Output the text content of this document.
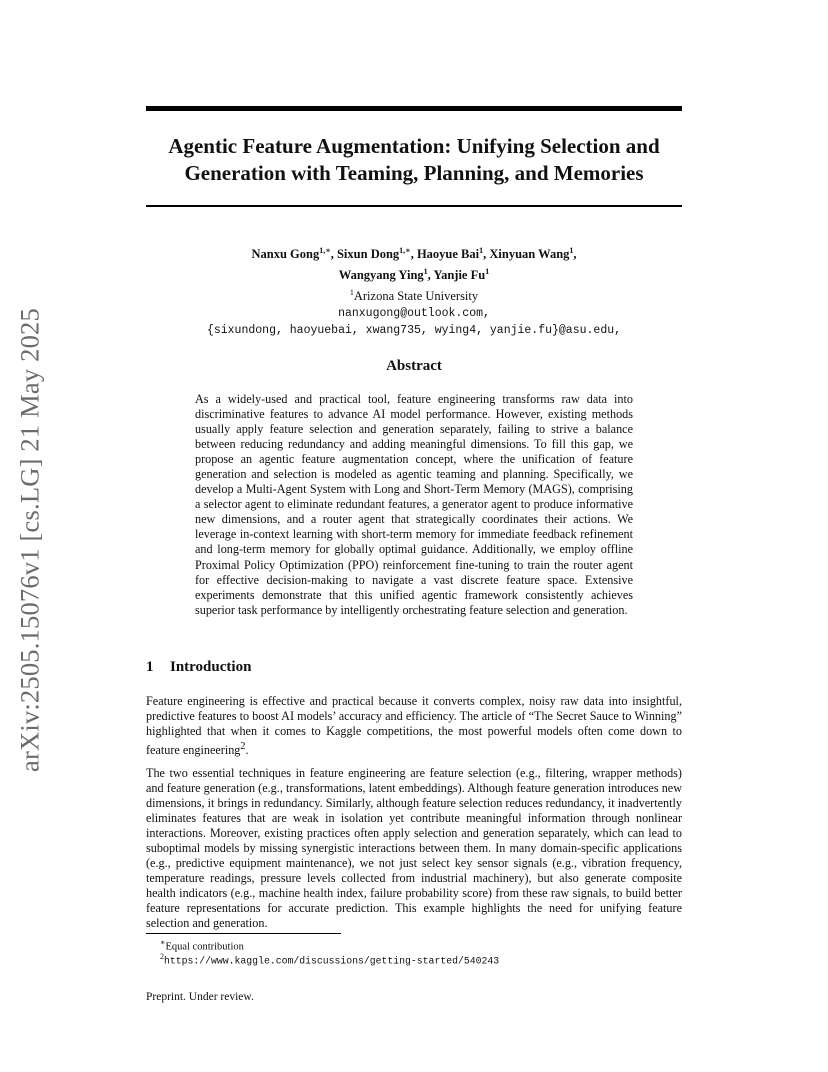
arXiv:2505.15076v1 [cs.LG] 21 May 2025
Agentic Feature Augmentation: Unifying Selection and Generation with Teaming, Planning, and Memories
Nanxu Gong$^{1,∗}$, Sixun Dong$^{1,∗}$, Haoyue Bai$^1$, Xinyuan Wang$^1$,
Wangyang Ying$^1$, Yanjie Fu$^1$
$^1$Arizona State University
nanxugong@outlook.com,
{sixundong, haoyuebai, xwang735, wying4, yanjie.fu}@asu.edu,
Abstract

As a widely-used and practical tool, feature engineering transforms raw data into discriminative features to advance AI model performance. However, existing methods usually apply feature selection and generation separately, failing to strive a balance between reducing redundancy and adding meaningful dimensions. To fill this gap, we propose an agentic feature augmentation concept, where the unification of feature generation and selection is modeled as agentic teaming and planning. Specifically, we develop a Multi-Agent System with Long and Short-Term Memory (MAGS), comprising a selector agent to eliminate redundant features, a generator agent to produce informative new dimensions, and a router agent that strategically coordinates their actions. We leverage in-context learning with short-term memory for immediate feedback refinement and long-term memory for globally optimal guidance. Additionally, we employ offline Proximal Policy Optimization (PPO) reinforcement fine-tuning to train the router agent for effective decision-making to navigate a vast discrete feature space. Extensive experiments demonstrate that this unified agentic framework consistently achieves superior task performance by intelligently orchestrating feature selection and generation.

1 Introduction

Feature engineering is effective and practical because it converts complex, noisy raw data into insightful, predictive features to boost AI models’ accuracy and efficiency. The article of “The Secret Sauce to Winning” highlighted that when it comes to Kaggle competitions, the most powerful models often come down to feature engineering$^2$.

The two essential techniques in feature engineering are feature selection (e.g., filtering, wrapper methods) and feature generation (e.g., transformations, latent embeddings). Although feature generation introduces new dimensions, it brings in redundancy. Similarly, although feature selection reduces redundancy, it inadvertently eliminates features that are weak in isolation yet contribute meaningful information through nonlinear interactions. Moreover, existing practices often apply selection and generation separately, which can lead to suboptimal models by missing synergistic interactions between them. In many domain-specific applications (e.g., predictive equipment maintenance), we not just select key sensor signals (e.g., vibration frequency, temperature readings, pressure levels collected from industrial machinery), but also generate composite health indicators (e.g., machine health index, failure probability score) from these raw signals, to build better feature representations for accurate prediction. This example highlights the need for unifying feature selection and generation.

∗Equal contribution

$^2$https://www.kaggle.com/discussions/getting-started/540243

Preprint. Under review.
